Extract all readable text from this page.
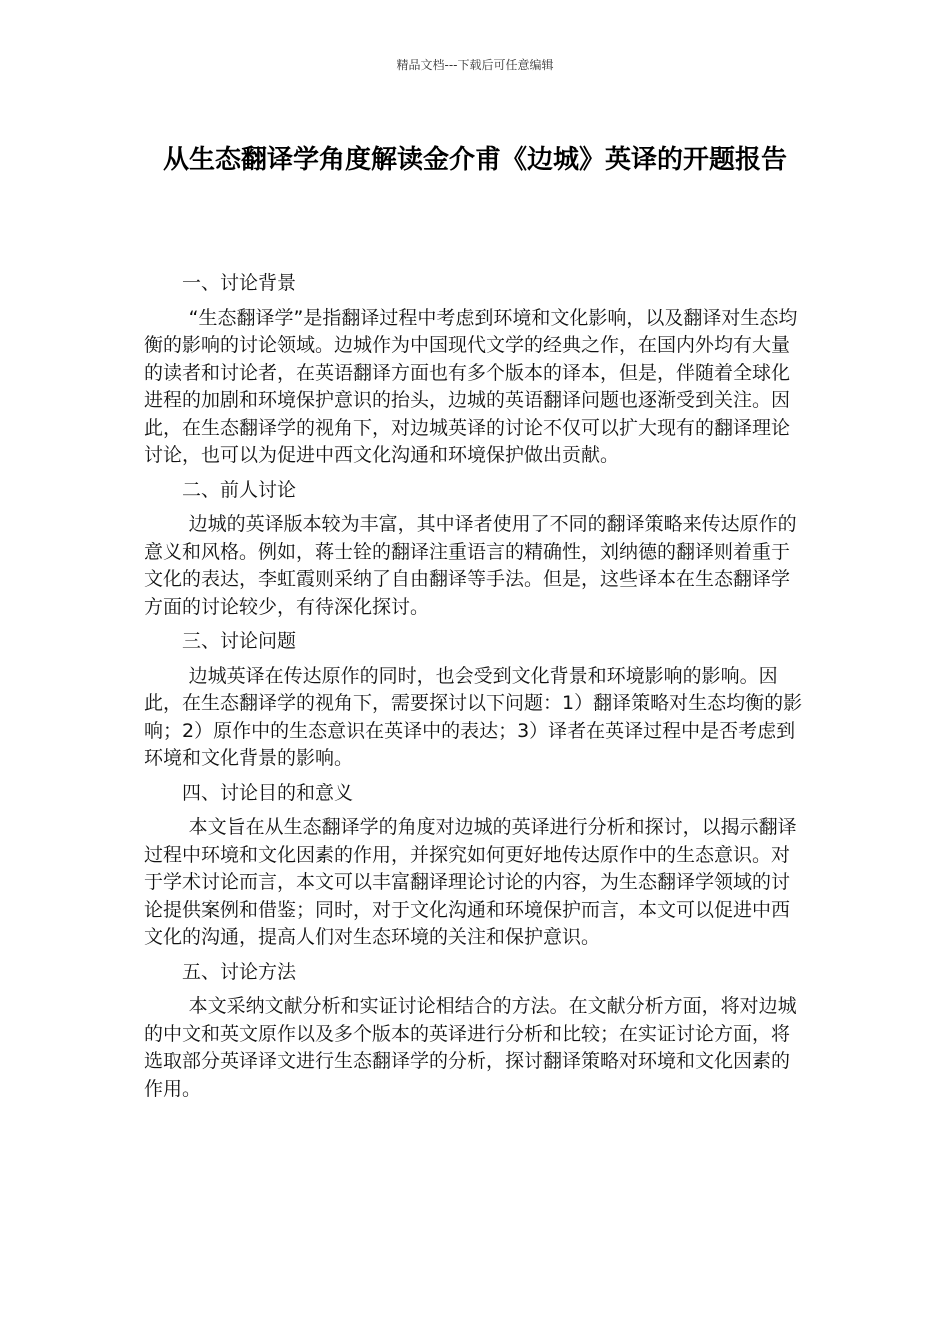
精品文档---下载后可任意编辑
从生态翻译学角度解读金介甫《边城》英译的开题报告

一、讨论背景

“生态翻译学”是指翻译过程中考虑到环境和文化影响，以及翻译对生态均衡的影响的讨论领域。边城作为中国现代文学的经典之作，在国内外均有大量的读者和讨论者，在英语翻译方面也有多个版本的译本，但是，伴随着全球化进程的加剧和环境保护意识的抬头，边城的英语翻译问题也逐渐受到关注。因此，在生态翻译学的视角下，对边城英译的讨论不仅可以扩大现有的翻译理论讨论，也可以为促进中西文化沟通和环境保护做出贡献。

二、前人讨论

边城的英译版本较为丰富，其中译者使用了不同的翻译策略来传达原作的意义和风格。例如，蒋士铨的翻译注重语言的精确性，刘纳德的翻译则着重于文化的表达，李虹霞则采纳了自由翻译等手法。但是，这些译本在生态翻译学方面的讨论较少，有待深化探讨。

三、讨论问题

边城英译在传达原作的同时，也会受到文化背景和环境影响的影响。因此，在生态翻译学的视角下，需要探讨以下问题：1）翻译策略对生态均衡的影响；2）原作中的生态意识在英译中的表达；3）译者在英译过程中是否考虑到环境和文化背景的影响。

四、讨论目的和意义

本文旨在从生态翻译学的角度对边城的英译进行分析和探讨，以揭示翻译过程中环境和文化因素的作用，并探究如何更好地传达原作中的生态意识。对于学术讨论而言，本文可以丰富翻译理论讨论的内容，为生态翻译学领域的讨论提供案例和借鉴；同时，对于文化沟通和环境保护而言，本文可以促进中西文化的沟通，提高人们对生态环境的关注和保护意识。

五、讨论方法

本文采纳文献分析和实证讨论相结合的方法。在文献分析方面，将对边城的中文和英文原作以及多个版本的英译进行分析和比较；在实证讨论方面，将选取部分英译译文进行生态翻译学的分析，探讨翻译策略对环境和文化因素的作用。
